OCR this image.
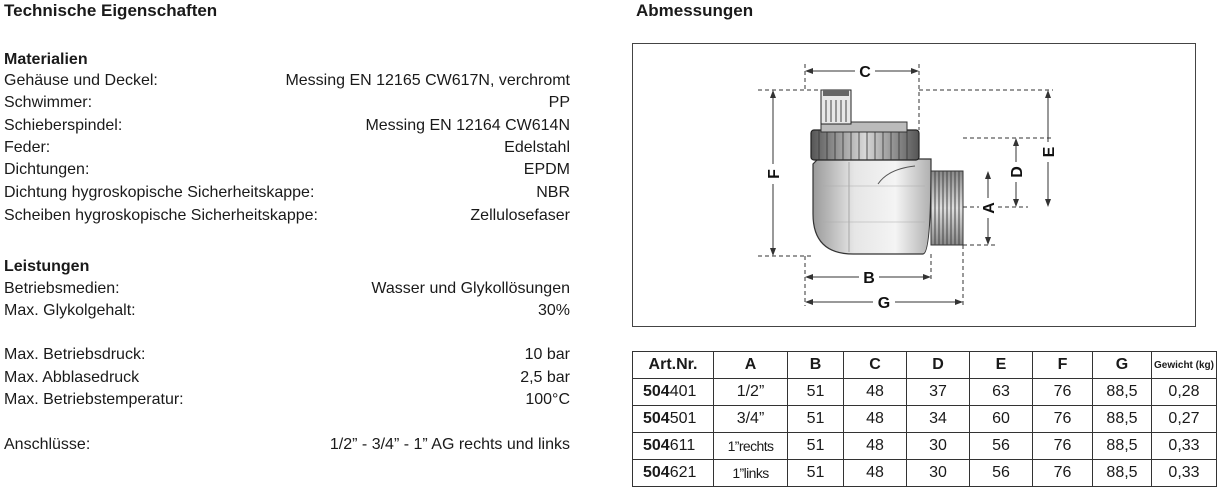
Technische Eigenschaften	Abmessungen
Materialien
Gehäuse und Deckel:	Messing EN 12165 CW617N, verchromt
Schwimmer:	PP
Schieberspindel:	Messing EN 12164 CW614N
Feder:	Edelstahl
Dichtungen:	EPDM
Dichtung hygroskopische Sicherheitskappe:	NBR
Scheiben hygroskopische Sicherheitskappe:	Zellulosefaser
Leistungen
Betriebsmedien:	Wasser und Glykollösungen
Max. Glykolgehalt:	30%
Max. Betriebsdruck:	10 bar
Max. Abblasedruck	2,5 bar
Max. Betriebstemperatur:	100°C
Anschlüsse:	1/2” - 3/4” - 1” AG rechts und links
C
F
A
D
E
B
G
Art.Nr.	A	B	C	D	E	F	G	Gewicht (kg)
504401	1/2”	51	48	37	63	76	88,5	0,28
504501	3/4”	51	48	34	60	76	88,5	0,27
504611	1”rechts	51	48	30	56	76	88,5	0,33
504621	1”links	51	48	30	56	76	88,5	0,33
